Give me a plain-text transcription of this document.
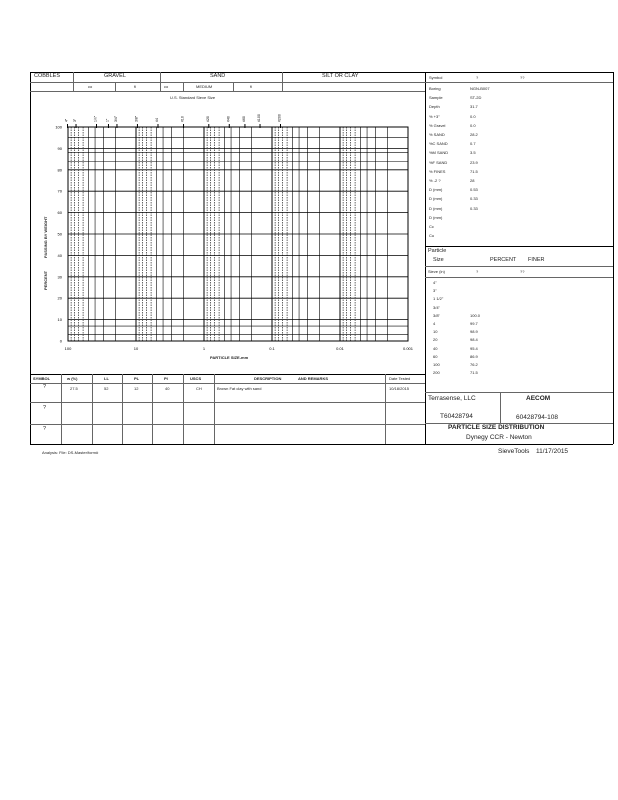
COBBLES	GRAVEL	SAND	SILT OR CLAY
co	fi	co	MEDIUM	fi
U.S. Standard Sieve Size
0
10
20
30
40
50
60
70
80
90
100
100	10	1	0.1	0.01	0.001
4" 3"	1½" 1" 3/4"	3/8"	#4	#10	#20	#40	#60	#100	#200
PERCENT
PASSING BY WEIGHT
PARTICLE SIZE-mm
Symbol	?	??
Boring	NGN-B007
Sample	ST-2D
Depth	31.7
% +3"	0.0
% Gravel	0.0
% SAND	28.2
%C SAND	0.7
%M SAND	3.5
%F SAND	23.9
% FINES	71.5
% -2 ?	28
D (mm)	0.53
D (mm)	0.33
D (mm)	0.33
D (mm)
Cc
Cu
Particle
Size	PERCENT FINER
Sieve (in)	?	??
4"
3"
1 1/2"
3/4"
3/8"	100.0
4	99.7
10	98.9
20	98.4
40	95.4
60	86.9
100	76.2
200	71.5
SYMBOL	w (%)	LL	PL	PI	USCS	DESCRIPTION	AND REMARKS	Date Tested
?	27.5	52	12	40	CH	Brown Fat clay with sand	10/18/2015
?
?
Terrasense, LLC	AECOM
T60428794	60428794-108
PARTICLE SIZE DISTRIBUTION
Dynegy CCR - Newton
Analysis: File: DS-Master/form#	SieveTools 11/17/2015
